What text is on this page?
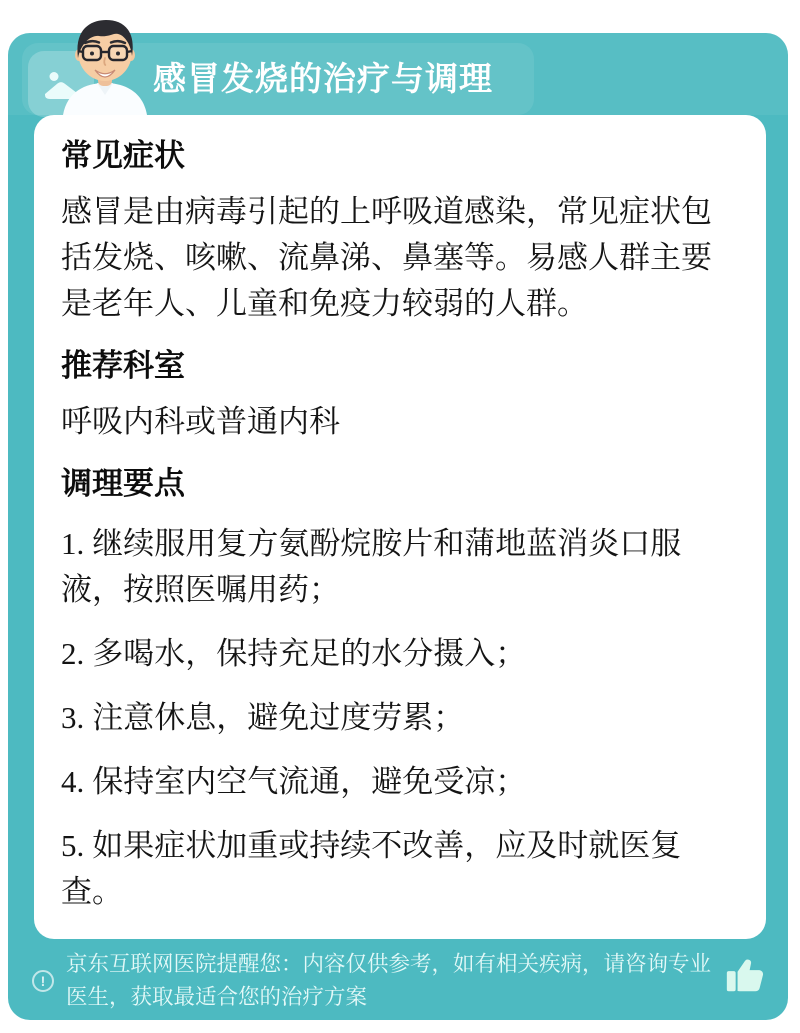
感冒发烧的治疗与调理
常见症状

感冒是由病毒引起的上呼吸道感染，常见症状包括发烧、咳嗽、流鼻涕、鼻塞等。易感人群主要是老年人、儿童和免疫力较弱的人群。

推荐科室

呼吸内科或普通内科

调理要点

1. 继续服用复方氨酚烷胺片和蒲地蓝消炎口服液，按照医嘱用药；

2. 多喝水，保持充足的水分摄入；

3. 注意休息，避免过度劳累；

4. 保持室内空气流通，避免受凉；

5. 如果症状加重或持续不改善，应及时就医复查。

!

京东互联网医院提醒您：内容仅供参考，如有相关疾病，请咨询专业医生，获取最适合您的治疗方案
